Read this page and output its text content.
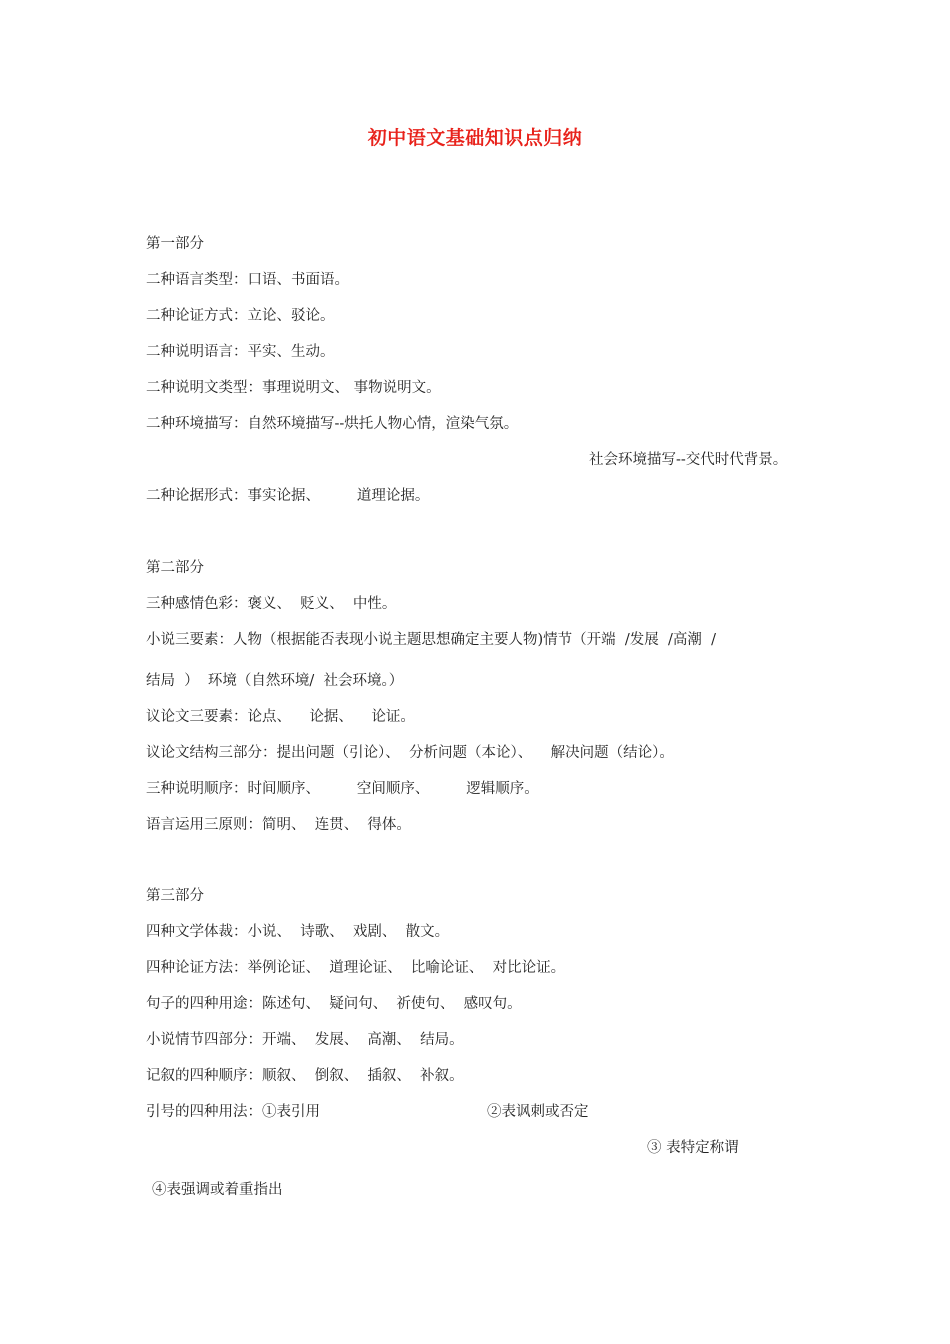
初中语文基础知识点归纳
第一部分
二种语言类型：口语、书面语。
二种论证方式：立论、驳论。
二种说明语言：平实、生动。
二种说明文类型：事理说明文、 事物说明文。
二种环境描写：自然环境描写--烘托人物心情，渲染气氛。
社会环境描写--交代时代背景。
二种论据形式：事实论据、        道理论据。
第二部分
三种感情色彩：褒义、  贬义、  中性。
小说三要素：人物（根据能否表现小说主题思想确定主要人物)情节（开端  /发展  /高潮  /
结局  ）  环境（自然环境/  社会环境。）
议论文三要素：论点、    论据、    论证。
议论文结构三部分：提出问题（引论）、  分析问题（本论）、    解决问题（结论）。
三种说明顺序：时间顺序、        空间顺序、        逻辑顺序。
语言运用三原则：简明、  连贯、  得体。
第三部分
四种文学体裁：小说、  诗歌、  戏剧、  散文。
四种论证方法：举例论证、  道理论证、  比喻论证、  对比论证。
句子的四种用途：陈述句、  疑问句、  祈使句、  感叹句。
小说情节四部分：开端、  发展、  高潮、  结局。
记叙的四种顺序：顺叙、  倒叙、  插叙、  补叙。
引号的四种用法：①表引用	②表讽刺或否定
③ 表特定称谓
④表强调或着重指出
